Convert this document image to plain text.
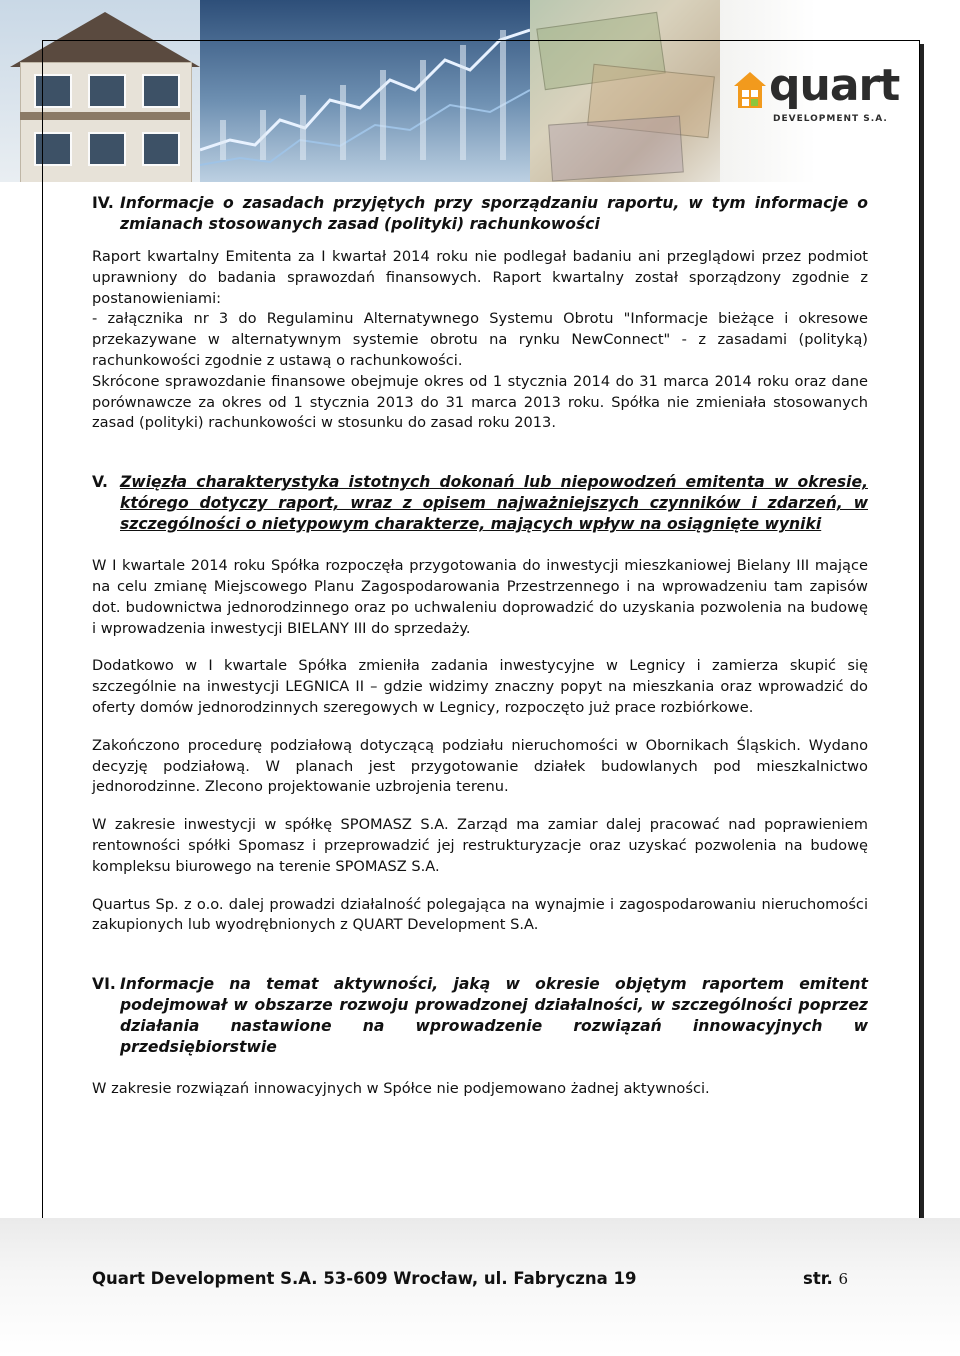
quart
DEVELOPMENT S.A.
IV. Informacje o zasadach przyjętych przy sporządzaniu raportu, w tym informacje o zmianach stosowanych zasad (polityki) rachunkowości

Raport kwartalny Emitenta za I kwartał 2014 roku nie podlegał badaniu ani przeglądowi przez podmiot uprawniony do badania sprawozdań finansowych. Raport kwartalny został sporządzony zgodnie z postanowieniami:

- załącznika nr 3 do Regulaminu Alternatywnego Systemu Obrotu "Informacje bieżące i okresowe przekazywane w alternatywnym systemie obrotu na rynku NewConnect" - z zasadami (polityką) rachunkowości zgodnie z ustawą o rachunkowości.

Skrócone sprawozdanie finansowe obejmuje okres od 1 stycznia 2014 do 31 marca 2014 roku oraz dane porównawcze za okres od 1 stycznia 2013 do 31 marca 2013 roku. Spółka nie zmieniała stosowanych zasad (polityki) rachunkowości w stosunku do zasad roku 2013.

V. Zwięzła charakterystyka istotnych dokonań lub niepowodzeń emitenta w okresie, którego dotyczy raport, wraz z opisem najważniejszych czynników i zdarzeń, w szczególności o nietypowym charakterze, mających wpływ na osiągnięte wyniki

W I kwartale 2014 roku Spółka rozpoczęła przygotowania do inwestycji mieszkaniowej Bielany III mające na celu zmianę Miejscowego Planu Zagospodarowania Przestrzennego i na wprowadzeniu tam zapisów dot. budownictwa jednorodzinnego oraz po uchwaleniu doprowadzić do uzyskania pozwolenia na budowę i wprowadzenia inwestycji BIELANY III do sprzedaży.

Dodatkowo w I kwartale Spółka zmieniła zadania inwestycyjne w Legnicy i zamierza skupić się szczególnie na inwestycji LEGNICA II – gdzie widzimy znaczny popyt na mieszkania oraz wprowadzić do oferty domów jednorodzinnych szeregowych w Legnicy, rozpoczęto już prace rozbiórkowe.

Zakończono procedurę podziałową dotyczącą podziału nieruchomości w Obornikach Śląskich. Wydano decyzję podziałową. W planach jest przygotowanie działek budowlanych pod mieszkalnictwo jednorodzinne. Zlecono projektowanie uzbrojenia terenu.

W zakresie inwestycji w spółkę SPOMASZ S.A. Zarząd ma zamiar dalej pracować nad poprawieniem rentowności spółki Spomasz i przeprowadzić jej restrukturyzacje oraz uzyskać pozwolenia na budowę kompleksu biurowego na terenie SPOMASZ S.A.

Quartus Sp. z o.o. dalej prowadzi działalność polegająca na wynajmie i zagospodarowaniu nieruchomości zakupionych lub wyodrębnionych z QUART Development S.A.

VI. Informacje na temat aktywności, jaką w okresie objętym raportem emitent podejmował w obszarze rozwoju prowadzonej działalności, w szczególności poprzez działania nastawione na wprowadzenie rozwiązań innowacyjnych w przedsiębiorstwie

W zakresie rozwiązań innowacyjnych w Spółce nie podjemowano żadnej aktywności.

Quart Development S.A. 53-609 Wrocław, ul. Fabryczna 19	str. 6
